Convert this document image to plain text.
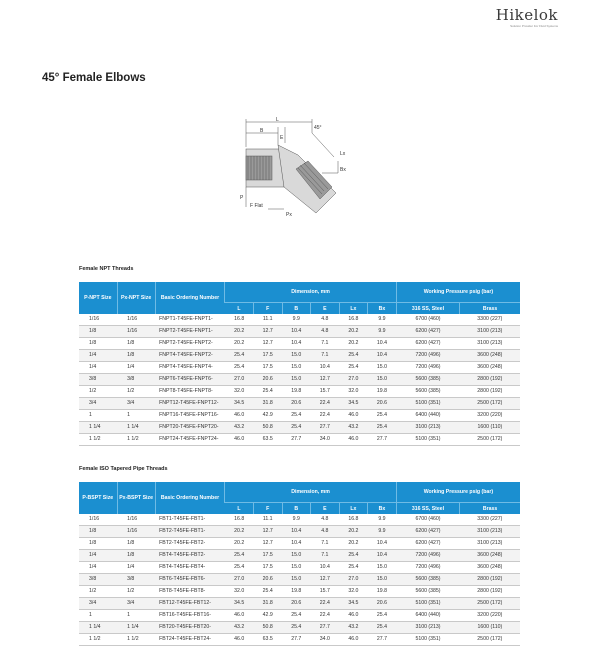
Hikelok
Solution Provider For Fluid Systems
45° Female Elbows
L
B
E
45°
Lx
Bx
P
F Flat
Px
Female NPT Threads
P-NPT Size	Px-NPT Size	Basic Ordering Number	Dimension, mm						Working Pressure psig (bar)	
			L	F	B	E	Lx	Bx	316 SS, Steel	Brass
1/16	1/16	FNPT1-T45FE-FNPT1-	16.8	11.1	9.9	4.8	16.8	9.9	6700 (460)	3300 (227)
1/8	1/16	FNPT2-T45FE-FNPT1-	20.2	12.7	10.4	4.8	20.2	9.9	6200 (427)	3100 (213)
1/8	1/8	FNPT2-T45FE-FNPT2-	20.2	12.7	10.4	7.1	20.2	10.4	6200 (427)	3100 (213)
1/4	1/8	FNPT4-T45FE-FNPT2-	25.4	17.5	15.0	7.1	25.4	10.4	7200 (496)	3600 (248)
1/4	1/4	FNPT4-T45FE-FNPT4-	25.4	17.5	15.0	10.4	25.4	15.0	7200 (496)	3600 (248)
3/8	3/8	FNPT6-T45FE-FNPT6-	27.0	20.6	15.0	12.7	27.0	15.0	5600 (385)	2800 (192)
1/2	1/2	FNPT8-T45FE-FNPT8-	32.0	25.4	19.8	15.7	32.0	19.8	5600 (385)	2800 (192)
3/4	3/4	FNPT12-T45FE-FNPT12-	34.5	31.8	20.6	22.4	34.5	20.6	5100 (351)	2500 (172)
1	1	FNPT16-T45FE-FNPT16-	46.0	42.9	25.4	22.4	46.0	25.4	6400 (440)	3200 (220)
1 1/4	1 1/4	FNPT20-T45FE-FNPT20-	43.2	50.8	25.4	27.7	43.2	25.4	3100 (213)	1600 (110)
1 1/2	1 1/2	FNPT24-T45FE-FNPT24-	46.0	63.5	27.7	34.0	46.0	27.7	5100 (351)	2500 (172)
Female ISO Tapered Pipe Threads
P-BSPT Size	Px-BSPT Size	Basic Ordering Number	Dimension, mm						Working Pressure psig (bar)	
			L	F	B	E	Lx	Bx	316 SS, Steel	Brass
1/16	1/16	FBT1-T45FE-FBT1-	16.8	11.1	9.9	4.8	16.8	9.9	6700 (460)	3300 (227)
1/8	1/16	FBT2-T45FE-FBT1-	20.2	12.7	10.4	4.8	20.2	9.9	6200 (427)	3100 (213)
1/8	1/8	FBT2-T45FE-FBT2-	20.2	12.7	10.4	7.1	20.2	10.4	6200 (427)	3100 (213)
1/4	1/8	FBT4-T45FE-FBT2-	25.4	17.5	15.0	7.1	25.4	10.4	7200 (496)	3600 (248)
1/4	1/4	FBT4-T45FE-FBT4-	25.4	17.5	15.0	10.4	25.4	15.0	7200 (496)	3600 (248)
3/8	3/8	FBT6-T45FE-FBT6-	27.0	20.6	15.0	12.7	27.0	15.0	5600 (385)	2800 (192)
1/2	1/2	FBT8-T45FE-FBT8-	32.0	25.4	19.8	15.7	32.0	19.8	5600 (385)	2800 (192)
3/4	3/4	FBT12-T45FE-FBT12-	34.5	31.8	20.6	22.4	34.5	20.6	5100 (351)	2500 (172)
1	1	FBT16-T45FE-FBT16-	46.0	42.9	25.4	22.4	46.0	25.4	6400 (440)	3200 (220)
1 1/4	1 1/4	FBT20-T45FE-FBT20-	43.2	50.8	25.4	27.7	43.2	25.4	3100 (213)	1600 (110)
1 1/2	1 1/2	FBT24-T45FE-FBT24-	46.0	63.5	27.7	34.0	46.0	27.7	5100 (351)	2500 (172)
